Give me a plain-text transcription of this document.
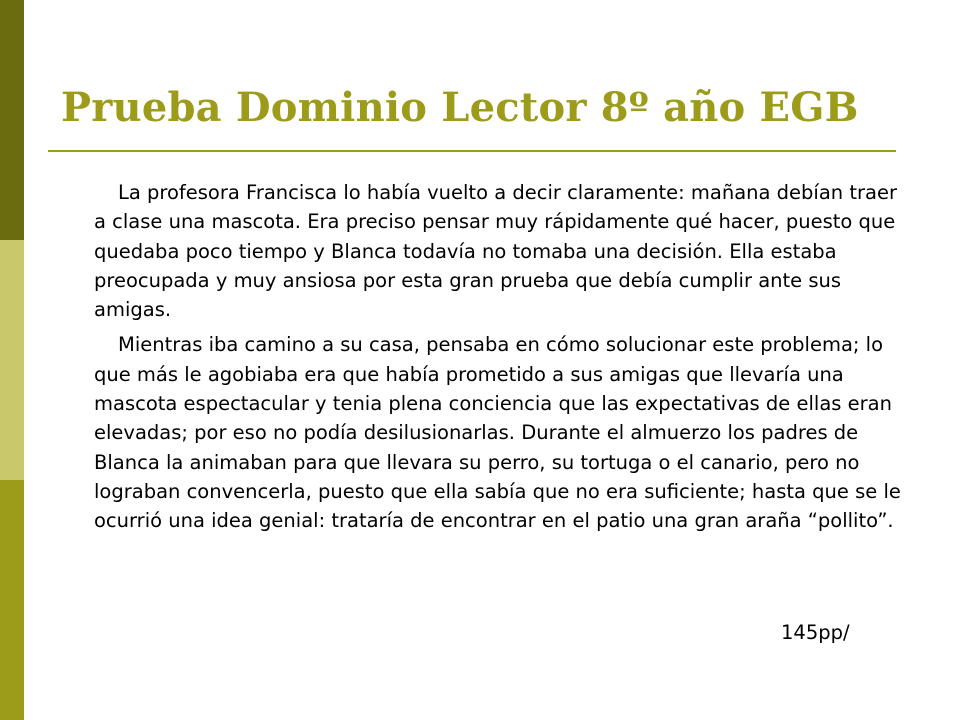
Prueba Dominio Lector 8º año EGB

La profesora Francisca lo había vuelto a decir claramente: mañana debían traer a clase una mascota. Era preciso pensar muy rápidamente qué hacer, puesto que quedaba poco tiempo y Blanca todavía no tomaba una decisión. Ella estaba preocupada y muy ansiosa por esta gran prueba que debía cumplir ante sus amigas.

Mientras iba camino a su casa, pensaba en cómo solucionar este problema; lo que más le agobiaba era que había prometido a sus amigas que llevaría una mascota espectacular y tenia plena conciencia que las expectativas de ellas eran elevadas; por eso no podía desilusionarlas. Durante el almuerzo los padres de Blanca la animaban para que llevara su perro, su tortuga o el canario, pero no lograban convencerla, puesto que ella sabía que no era suficiente; hasta que se le ocurrió una idea genial: trataría de encontrar en el patio una gran araña “pollito”.

145pp/
